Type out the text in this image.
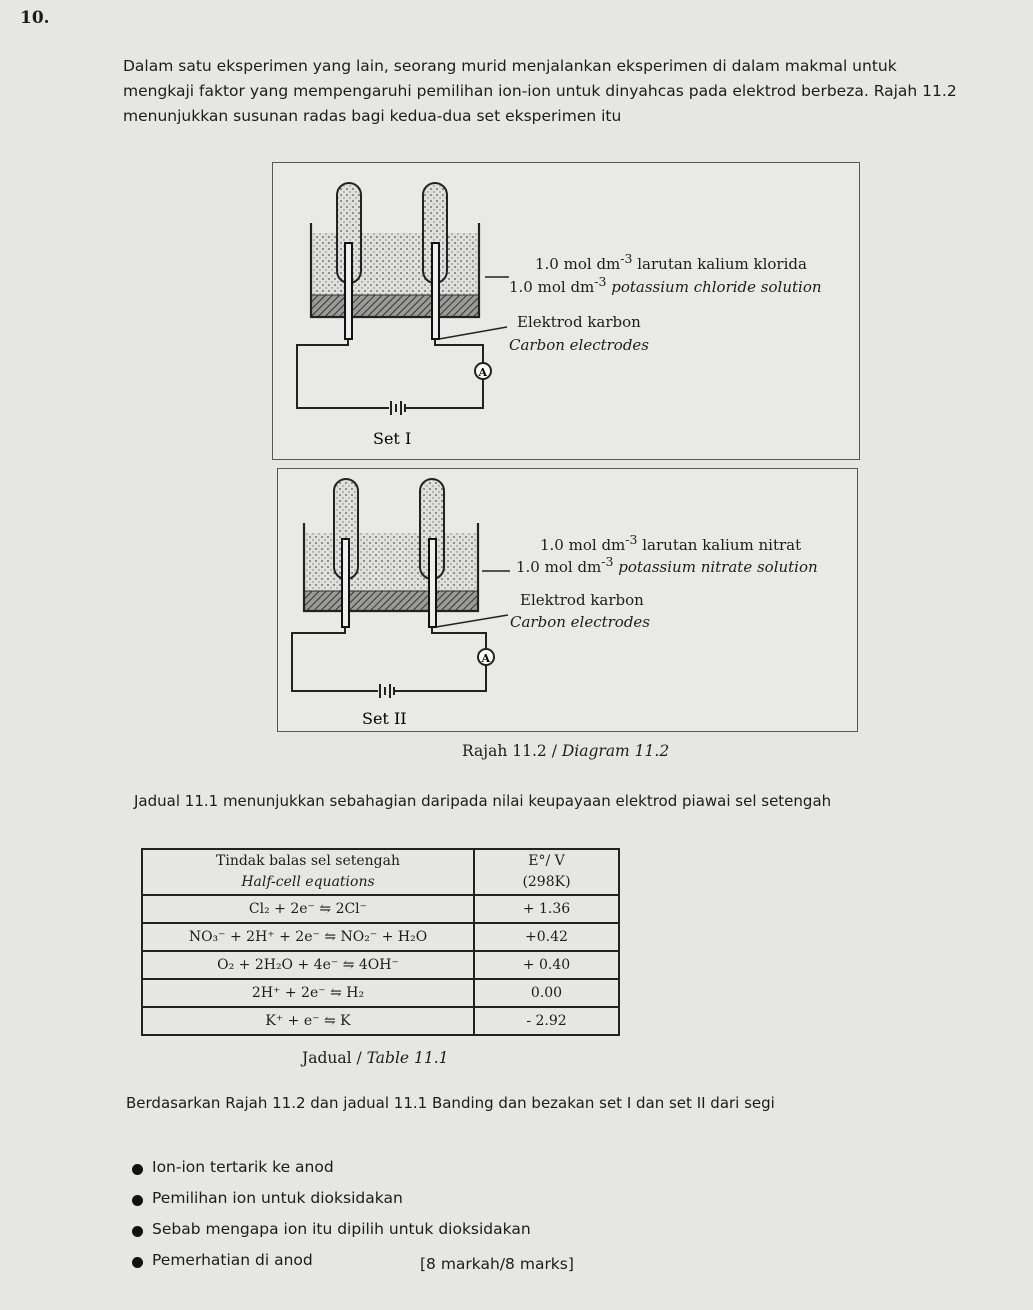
10.

Dalam satu eksperimen yang lain, seorang murid menjalankan eksperimen di dalam makmal untuk

mengkaji faktor yang mempengaruhi pemilihan ion-ion untuk dinyahcas pada elektrod berbeza. Rajah 11.2

menunjukkan susunan radas bagi kedua-dua set eksperimen itu

A
Set I
1.0 mol $dm^{-3}$ larutan kalium klorida
1.0 mol $dm^{-3}$ potassium chloride solution
Elektrod karbon
Carbon electrodes
A
Set II
1.0 mol $dm^{-3}$ larutan kalium nitrat
1.0 mol $dm^{-3}$ potassium nitrate solution
Elektrod karbon
Carbon electrodes
Rajah 11.2 / Diagram 11.2
Jadual 11.1 menunjukkan sebahagian daripada nilai keupayaan elektrod piawai sel setengah
Tindak balas sel setengah
Half-cell equations	E°/ V
(298K)
Cl₂ + 2e⁻ ⇋ 2Cl⁻	+ 1.36
NO₃⁻ + 2H⁺ + 2e⁻ ⇋ NO₂⁻ + H₂O	+0.42
O₂ + 2H₂O + 4e⁻ ⇋ 4OH⁻	+ 0.40
2H⁺ + 2e⁻ ⇋ H₂	0.00
K⁺ + e⁻ ⇋ K	- 2.92
Jadual / Table 11.1
Berdasarkan Rajah 11.2 dan jadual 11.1 Banding dan bezakan set I dan set II dari segi
Ion-ion tertarik ke anod
Pemilihan ion untuk dioksidakan
Sebab mengapa ion itu dipilih untuk dioksidakan
Pemerhatian di anod	[8 markah/8 marks]
